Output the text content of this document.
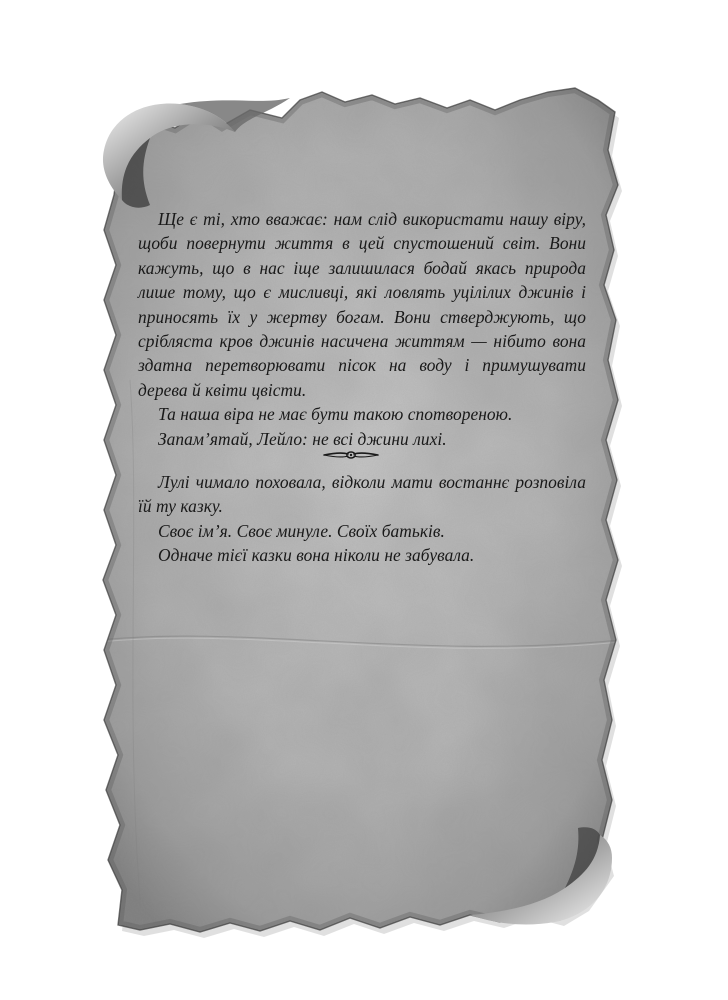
Ще є ті, хто вважає: нам слід використати нашу віру, щоби повернути життя в цей спустошений світ. Вони кажуть, що в нас іще залишилася бодай якась природа лише тому, що є мисливці, які ловлять уцілілих джинів і приносять їх у жертву богам. Вони стверджують, що срібляста кров джинів насичена життям — нібито вона здатна перетворювати пісок на воду і примушувати дерева й квіти цвісти.

Та наша віра не має бути такою спотвореною.

Запам’ятай, Лейло: не всі джини лихі.

Лулі чимало поховала, відколи мати востаннє розповіла їй ту казку.

Своє ім’я. Своє минуле. Своїх батьків.

Одначе тієї казки вона ніколи не забувала.
